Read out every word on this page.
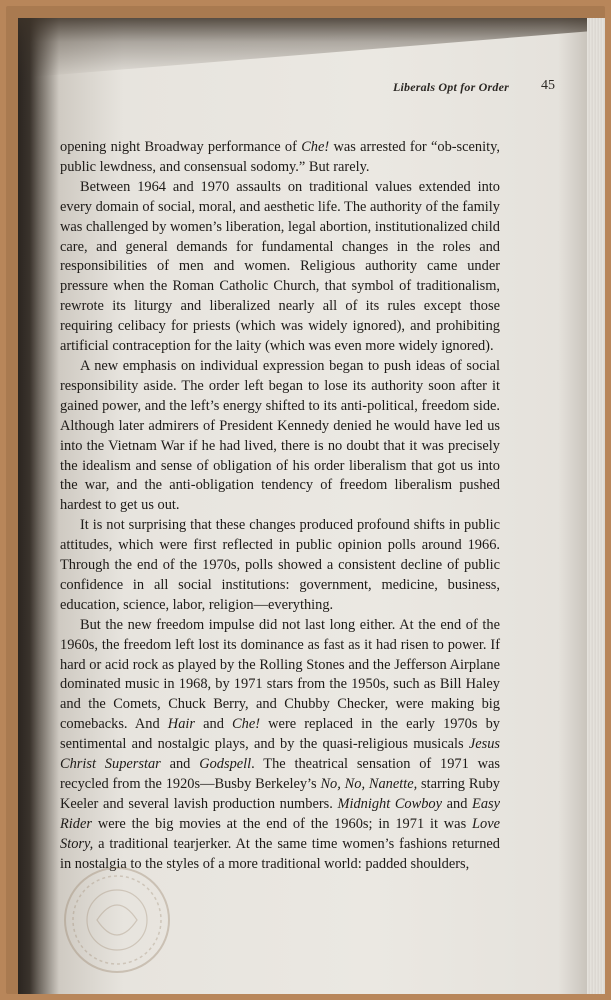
Liberals Opt for Order 45

opening night Broadway performance of Che! was arrested for “ob-scenity, public lewdness, and consensual sodomy.” But rarely.

Between 1964 and 1970 assaults on traditional values extended into every domain of social, moral, and aesthetic life. The authority of the family was challenged by women’s liberation, legal abortion, institutionalized child care, and general demands for fundamental changes in the roles and responsibilities of men and women. Religious authority came under pressure when the Roman Catholic Church, that symbol of traditionalism, rewrote its liturgy and liberalized nearly all of its rules except those requiring celibacy for priests (which was widely ignored), and prohibiting artificial contraception for the laity (which was even more widely ignored).

A new emphasis on individual expression began to push ideas of social responsibility aside. The order left began to lose its authority soon after it gained power, and the left’s energy shifted to its anti-political, freedom side. Although later admirers of President Kennedy denied he would have led us into the Vietnam War if he had lived, there is no doubt that it was precisely the idealism and sense of obligation of his order liberalism that got us into the war, and the anti-obligation tendency of freedom liberalism pushed hardest to get us out.

It is not surprising that these changes produced profound shifts in public attitudes, which were first reflected in public opinion polls around 1966. Through the end of the 1970s, polls showed a consistent decline of public confidence in all social institutions: government, medicine, business, education, science, labor, religion—everything.

But the new freedom impulse did not last long either. At the end of the 1960s, the freedom left lost its dominance as fast as it had risen to power. If hard or acid rock as played by the Rolling Stones and the Jefferson Airplane dominated music in 1968, by 1971 stars from the 1950s, such as Bill Haley and the Comets, Chuck Berry, and Chubby Checker, were making big comebacks. And Hair and Che! were replaced in the early 1970s by sentimental and nostalgic plays, and by the quasi-religious musicals Jesus Christ Superstar and Godspell. The theatrical sensation of 1971 was recycled from the 1920s—Busby Berkeley’s No, No, Nanette, starring Ruby Keeler and several lavish production numbers. Midnight Cowboy and Easy Rider were the big movies at the end of the 1960s; in 1971 it was Love Story, a traditional tearjerker. At the same time women’s fashions returned in nostalgia to the styles of a more traditional world: padded shoulders,
